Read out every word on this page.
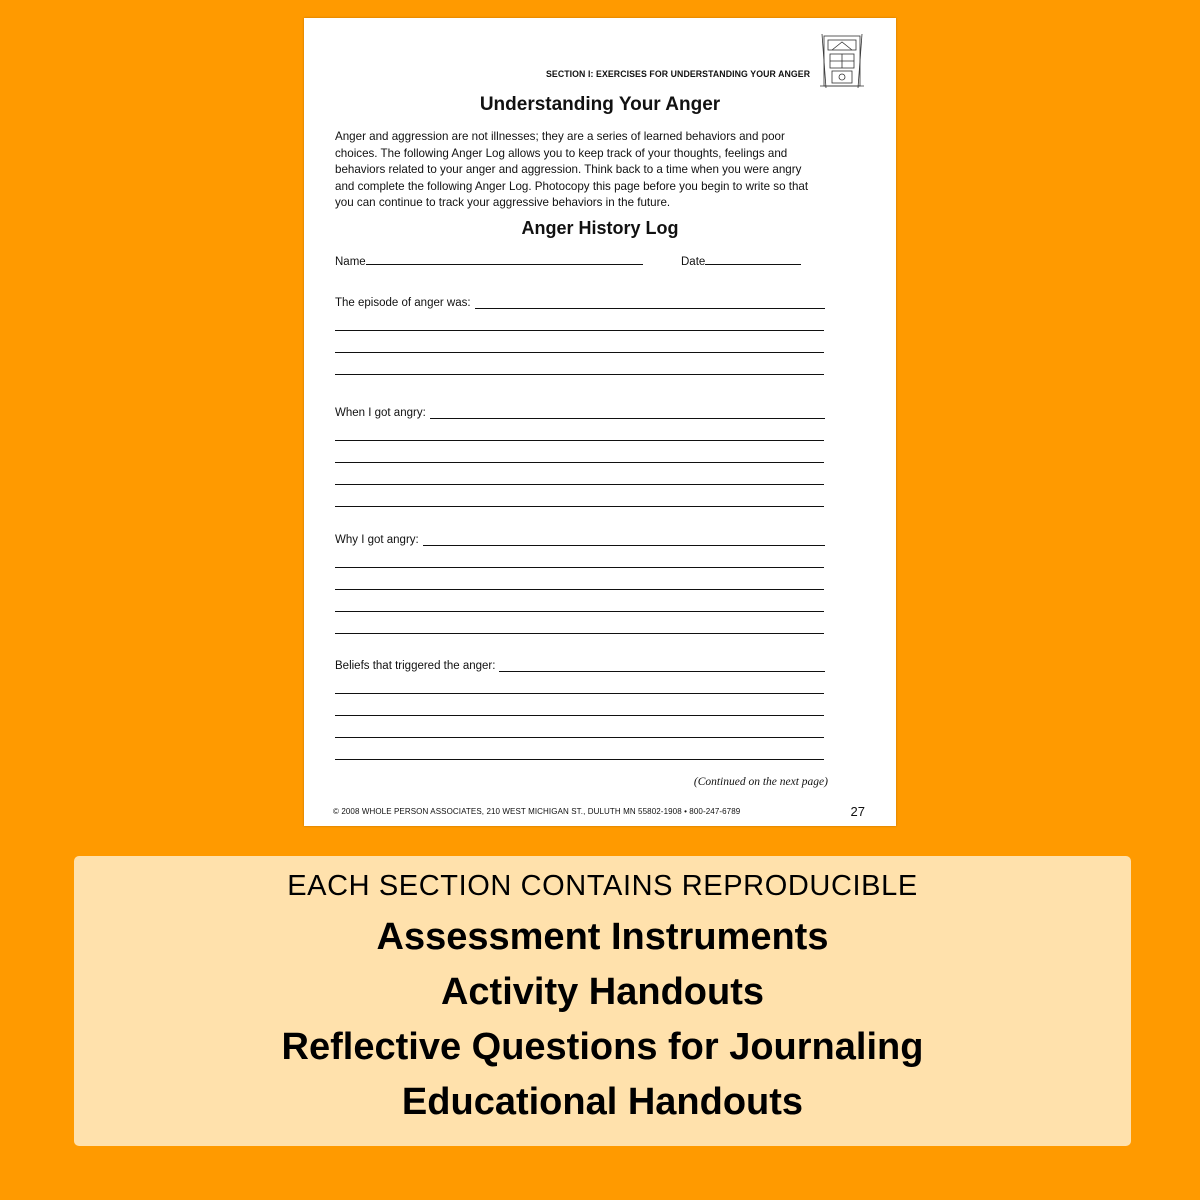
SECTION I: EXERCISES FOR UNDERSTANDING YOUR ANGER
Understanding Your Anger
Anger and aggression are not illnesses; they are a series of learned behaviors and poor
choices. The following Anger Log allows you to keep track of your thoughts, feelings and
behaviors related to your anger and aggression. Think back to a time when you were angry
and complete the following Anger Log. Photocopy this page before you begin to write so that
you can continue to track your aggressive behaviors in the future.
Anger History Log
Name	Date
The episode of anger was:
When I got angry:
Why I got angry:
Beliefs that triggered the anger:
(Continued on the next page)
© 2008 WHOLE PERSON ASSOCIATES, 210 WEST MICHIGAN ST., DULUTH MN 55802-1908 • 800-247-6789	27
EACH SECTION CONTAINS REPRODUCIBLE
Assessment Instruments
Activity Handouts
Reflective Questions for Journaling
Educational Handouts
